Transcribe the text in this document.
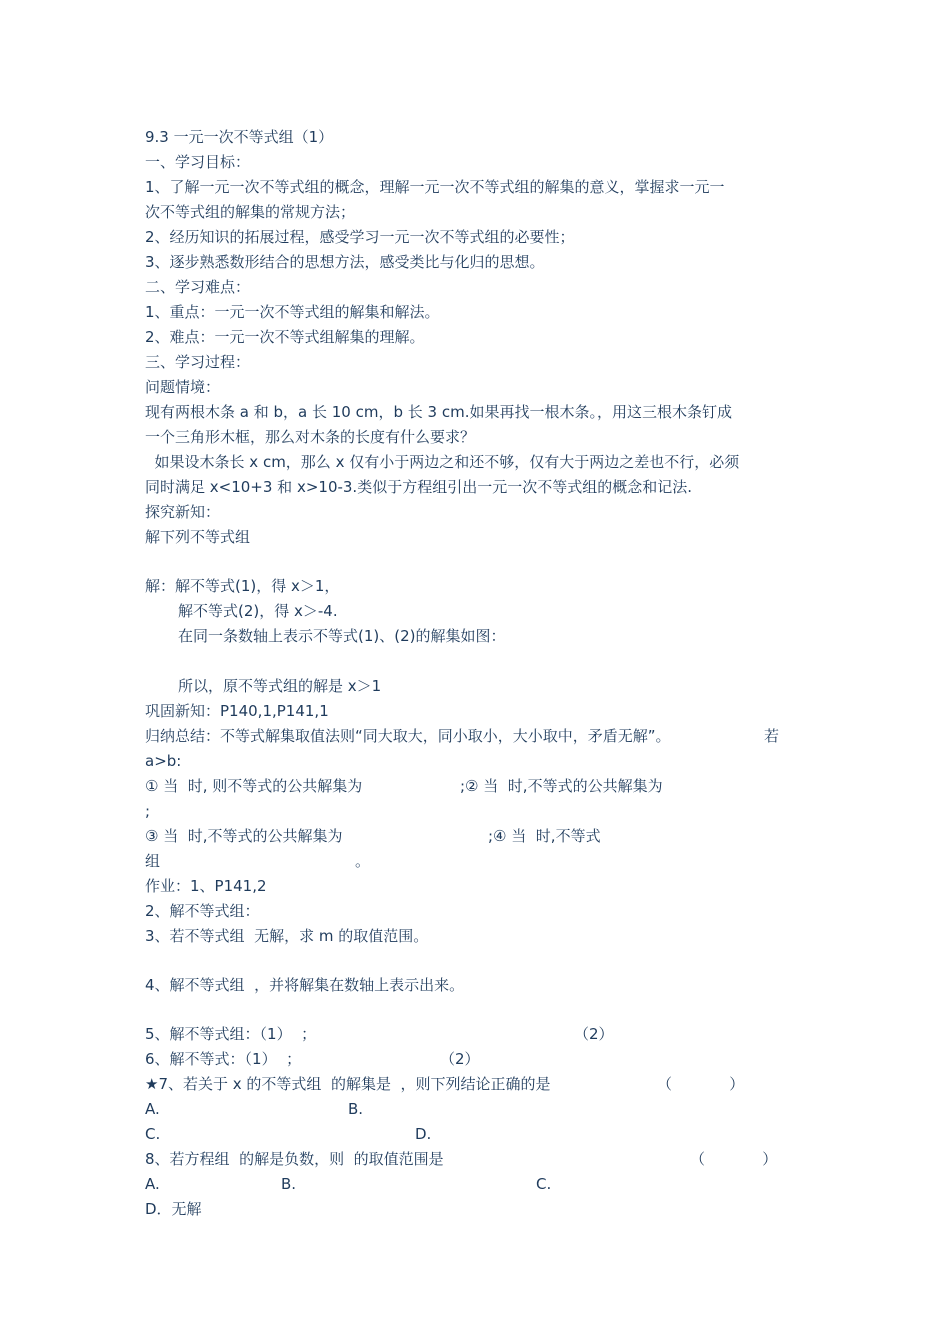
9.3 一元一次不等式组（1）
一、学习目标：
1、了解一元一次不等式组的概念，理解一元一次不等式组的解集的意义，掌握求一元一
次不等式组的解集的常规方法；
2、经历知识的拓展过程，感受学习一元一次不等式组的必要性；
3、逐步熟悉数形结合的思想方法，感受类比与化归的思想。
二、学习难点：
1、重点：一元一次不等式组的解集和解法。
2、难点：一元一次不等式组解集的理解。
三、学习过程：
问题情境：
现有两根木条 a 和 b，a 长 10 cm，b 长 3 cm.如果再找一根木条。，用这三根木条钉成
一个三角形木框，那么对木条的长度有什么要求？
如果设木条长 x cm，那么 x 仅有小于两边之和还不够，仅有大于两边之差也不行，必须
同时满足 x<10+3 和 x>10-3.类似于方程组引出一元一次不等式组的概念和记法.
探究新知：
解下列不等式组
解：解不等式(1)，得 x＞1，
解不等式(2)，得 x＞-4.
在同一条数轴上表示不等式(1)、(2)的解集如图：
所以，原不等式组的解是 x＞1
巩固新知：P140,1,P141,1
归纳总结：不等式解集取值法则“同大取大，同小取小，大小取中，矛盾无解”。	若
a>b:
① 当  时, 则不等式的公共解集为	;② 当  时,不等式的公共解集为
;
③ 当  时,不等式的公共解集为	;④ 当  时,不等式
组	。
作业：1、P141,2
2、解不等式组：
3、若不等式组  无解，求 m 的取值范围。
4、解不等式组  ，并将解集在数轴上表示出来。
5、解不等式组：（1）  ；	（2）
6、解不等式：（1）  ；	（2）
★7、若关于 x 的不等式组  的解集是  ，则下列结论正确的是	（            ）
A.	B.
C.	D.
8、若方程组  的解是负数，则  的取值范围是	（            ）
A.	B.	C.
D．无解
